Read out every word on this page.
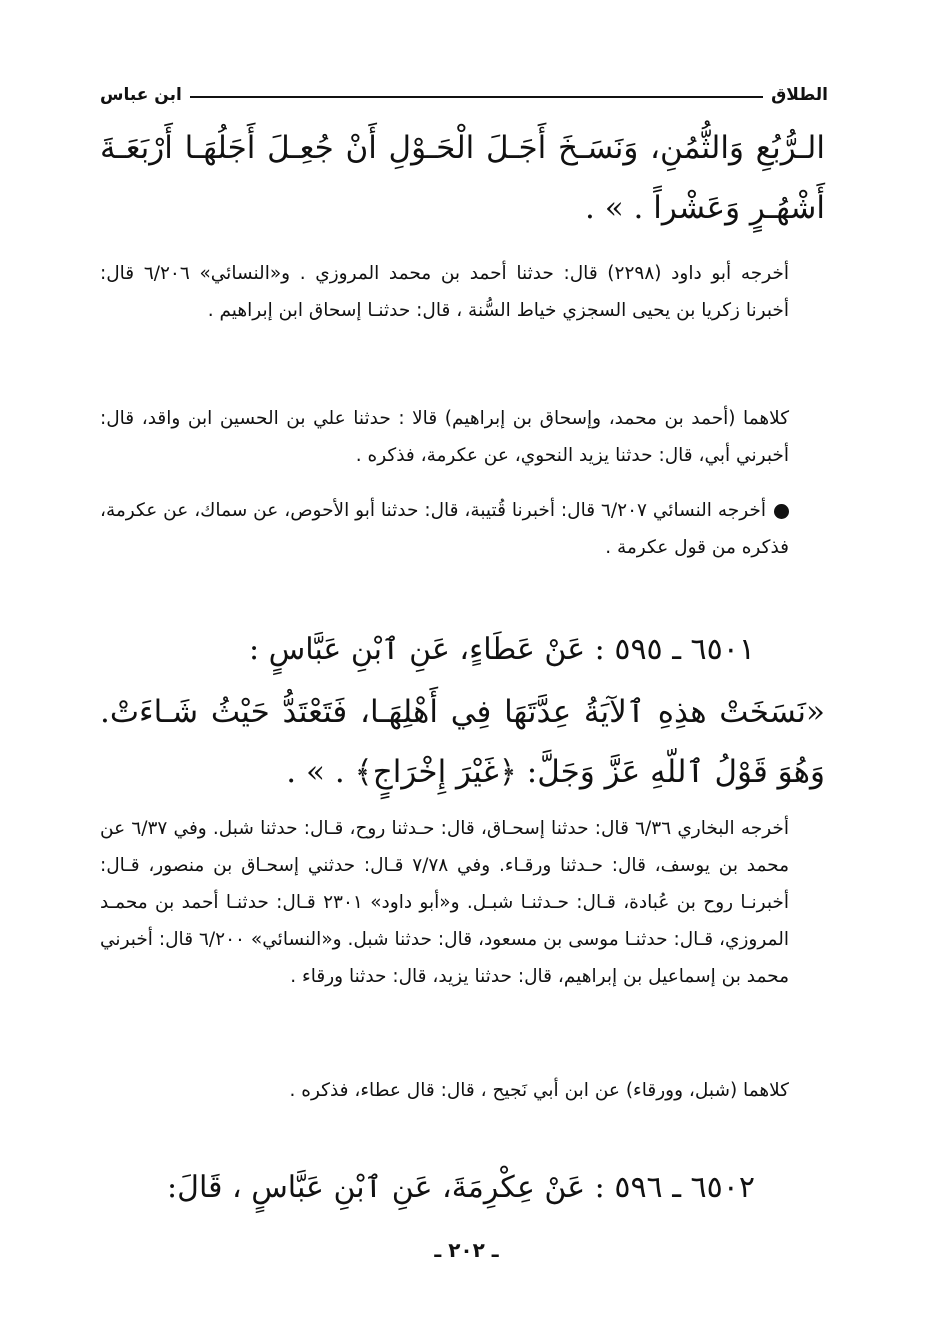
الطلاق
ابن عباس
الـرُّبُعِ وَالثُّمُنِ، وَنَسَـخَ أَجَـلَ الْحَـوْلِ أَنْ جُعِـلَ أَجَلُهَـا أَرْبَعَـةَ أَشْهُـرٍ وَعَشْراً . » .
أخرجه أبو داود (٢٢٩٨) قال: حدثنا أحمد بن محمد المروزي . و«النسائي» ٦/٢٠٦ قال: أخبرنا زكريا بن يحيى السجزي خياط السُّنة ، قال: حدثنـا إسحاق ابن إبراهيم .
كلاهما (أحمد بن محمد، وإسحاق بن إبراهيم) قالا : حدثنا علي بن الحسين ابن واقد، قال: أخبرني أبي، قال: حدثنا يزيد النحوي، عن عكرمة، فذكره .
أخرجه النسائي ٦/٢٠٧ قال: أخبرنا قُتيبة، قال: حدثنا أبو الأحوص، عن سماك، عن عكرمة، فذكره من قول عكرمة .
٦٥٠١ ـ ٥٩٥ : عَنْ عَطَاءٍ، عَنِ ٱبْنِ عَبَّاسٍ :
«نَسَخَتْ هذِهِ ٱلآيَةُ عِدَّتَهَا فِي أَهْلِهَـا، فَتَعْتَدُّ حَيْثُ شَـاءَتْ. وَهُوَ قَوْلُ ٱللّهِ عَزَّ وَجَلَّ: ﴿غَيْرَ إِخْرَاجٍ﴾ . » .
أخرجه البخاري ٦/٣٦ قال: حدثنا إسحـاق، قال: حـدثنا روح، قـال: حدثنا شبل. وفي ٦/٣٧ عن محمد بن يوسف، قال: حـدثنا ورقـاء. وفي ٧/٧٨ قـال: حدثني إسحـاق بن منصور، قـال: أخبرنـا روح بن عُبادة، قـال: حـدثنـا شبـل. و«أبو داود» ٢٣٠١ قـال: حدثنـا أحمد بن محمـد المروزي، قـال: حدثنـا موسى بن مسعود، قال: حدثنا شبل. و«النسائي» ٦/٢٠٠ قال: أخبرني محمد بن إسماعيل بن إبراهيم، قال: حدثنا يزيد، قال: حدثنا ورقاء .
كلاهما (شبل، وورقاء) عن ابن أبي نَجيح ، قال: قال عطاء، فذكره .
٦٥٠٢ ـ ٥٩٦ : عَنْ عِكْرِمَةَ، عَنِ ٱبْنِ عَبَّاسٍ ، قَالَ:
ـ ٢٠٢ ـ
